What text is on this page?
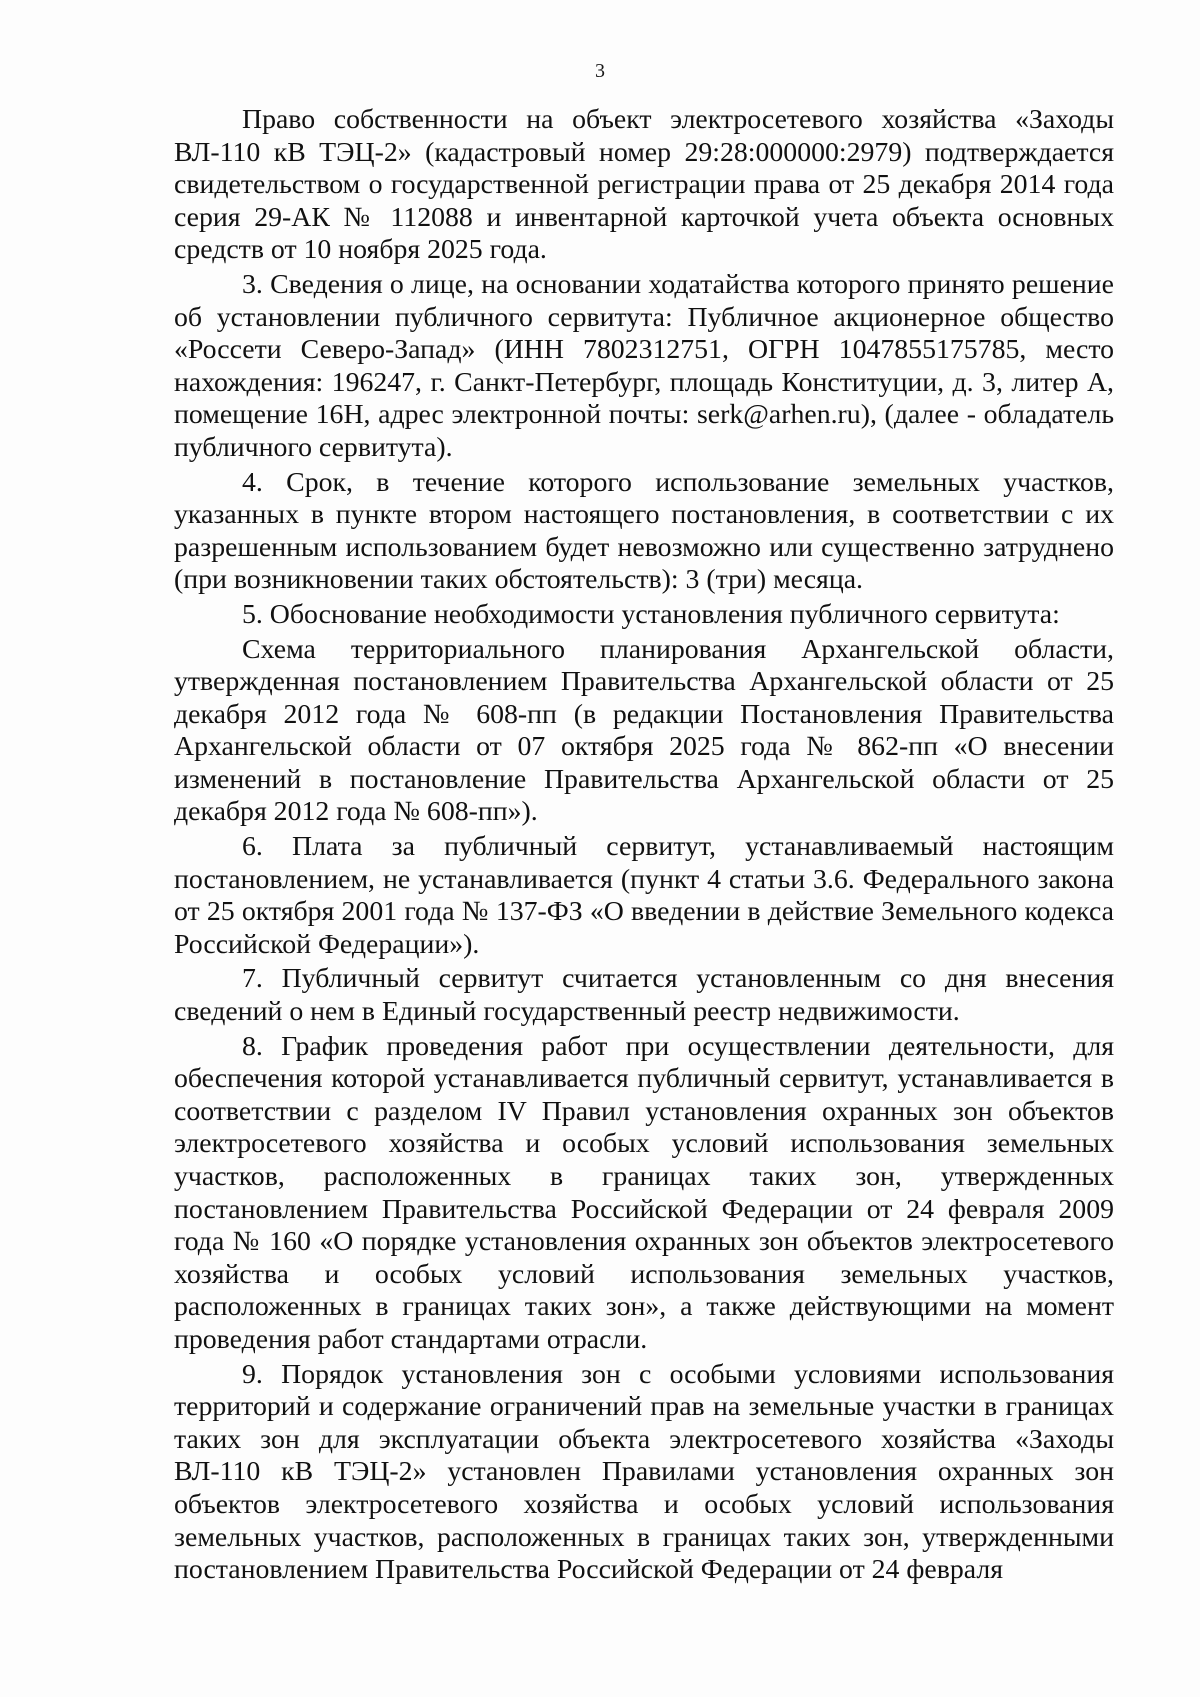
3

Право собственности на объект электросетевого хозяйства «Заходы ВЛ-110 кВ ТЭЦ-2» (кадастровый номер 29:28:000000:2979) подтверждается свидетельством о государственной регистрации права от 25 декабря 2014 года серия 29-АК № 112088 и инвентарной карточкой учета объекта основных средств от 10 ноября 2025 года.

3. Сведения о лице, на основании ходатайства которого принято решение об установлении публичного сервитута: Публичное акционерное общество «Россети Северо-Запад» (ИНН 7802312751, ОГРН 1047855175785, место нахождения: 196247, г. Санкт-Петербург, площадь Конституции, д. 3, литер А, помещение 16Н, адрес электронной почты: serk@arhen.ru), (далее - обладатель публичного сервитута).

4. Срок, в течение которого использование земельных участков, указанных в пункте втором настоящего постановления, в соответствии с их разрешенным использованием будет невозможно или существенно затруднено (при возникновении таких обстоятельств): 3 (три) месяца.

5. Обоснование необходимости установления публичного сервитута:

Схема территориального планирования Архангельской области, утвержденная постановлением Правительства Архангельской области от 25 декабря 2012 года № 608-пп (в редакции Постановления Правительства Архангельской области от 07 октября 2025 года № 862-пп «О внесении изменений в постановление Правительства Архангельской области от 25 декабря 2012 года № 608-пп»).

6. Плата за публичный сервитут, устанавливаемый настоящим постановлением, не устанавливается (пункт 4 статьи 3.6. Федерального закона от 25 октября 2001 года № 137-ФЗ «О введении в действие Земельного кодекса Российской Федерации»).

7. Публичный сервитут считается установленным со дня внесения сведений о нем в Единый государственный реестр недвижимости.

8. График проведения работ при осуществлении деятельности, для обеспечения которой устанавливается публичный сервитут, устанавливается в соответствии с разделом IV Правил установления охранных зон объектов электросетевого хозяйства и особых условий использования земельных участков, расположенных в границах таких зон, утвержденных постановлением Правительства Российской Федерации от 24 февраля 2009 года № 160 «О порядке установления охранных зон объектов электросетевого хозяйства и особых условий использования земельных участков, расположенных в границах таких зон», а также действующими на момент проведения работ стандартами отрасли.

9. Порядок установления зон с особыми условиями использования территорий и содержание ограничений прав на земельные участки в границах таких зон для эксплуатации объекта электросетевого хозяйства «Заходы ВЛ-110 кВ ТЭЦ-2» установлен Правилами установления охранных зон объектов электросетевого хозяйства и особых условий использования земельных участков, расположенных в границах таких зон, утвержденными постановлением Правительства Российской Федерации от 24 февраля
